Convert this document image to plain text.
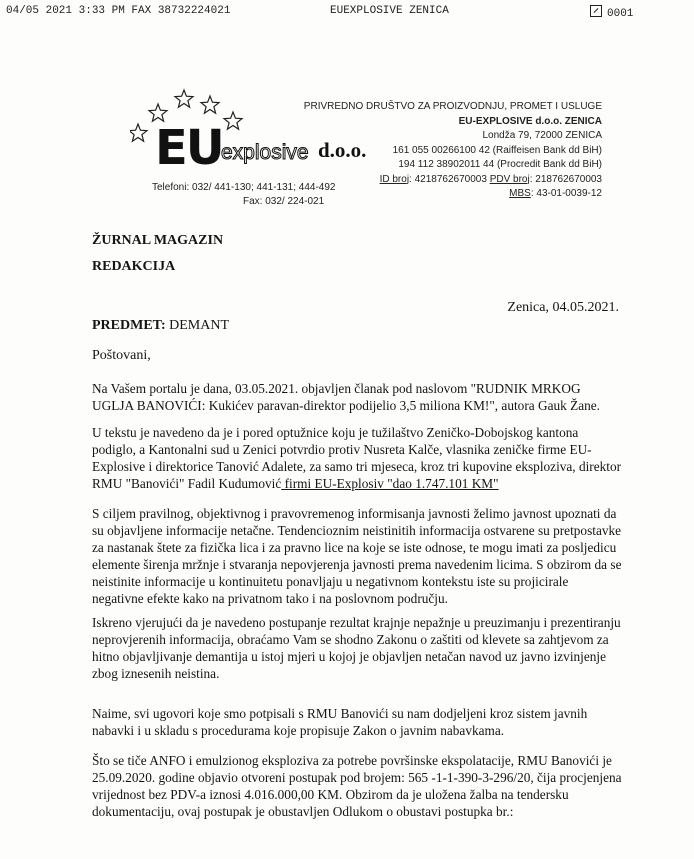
04/05 2021 3:33 PM FAX 38732224021	EUEXPLOSIVE ZENICA	0001
EU
explosive d.o.o.
Telefoni: 032/ 441-130; 441-131; 444-492
Fax: 032/ 224-021
PRIVREDNO DRUŠTVO ZA PROIZVODNJU, PROMET I USLUGE
EU-EXPLOSIVE d.o.o. ZENICA
Londža 79, 72000 ZENICA
161 055 00266100 42 (Raiffeisen Bank dd BiH)
194 112 38902011 44 (Procredit Bank dd BiH)
ID broj: 4218762670003 PDV broj: 218762670003
MBS: 43-01-0039-12
ŽURNAL MAGAZIN
REDAKCIJA
Zenica, 04.05.2021.
PREDMET: DEMANT
Poštovani,
Na Vašem portalu je dana, 03.05.2021. objavljen članak pod naslovom "RUDNIK MRKOG UGLJA BANOVIĆI: Kukićev paravan-direktor podijelio 3,5 miliona KM!", autora Gauk Žane.
U tekstu je navedeno da je i pored optužnice koju je tužilaštvo Zeničko-Dobojskog kantona podiglo, a Kantonalni sud u Zenici potvrdio protiv Nusreta Kalče, vlasnika zeničke firme EU-Explosive i direktorice Tanović Adalete, za samo tri mjeseca, kroz tri kupovine eksploziva, direktor RMU "Banovići" Fadil Kudumović firmi EU-Explosiv "dao 1.747.101 KM"
S ciljem pravilnog, objektivnog i pravovremenog informisanja javnosti želimo javnost upoznati da su objavljene informacije netačne. Tendencioznim neistinitih informacija ostvarene su pretpostavke za nastanak štete za fizička lica i za pravno lice na koje se iste odnose, te mogu imati za posljedicu elemente širenja mržnje i stvaranja nepovjerenja javnosti prema navedenim licima. S obzirom da se neistinite informacije u kontinuitetu ponavljaju u negativnom kontekstu iste su projicirale negativne efekte kako na privatnom tako i na poslovnom području.
Iskreno vjerujući da je navedeno postupanje rezultat krajnje nepažnje u preuzimanju i prezentiranju neprovjerenih informacija, obraćamo Vam se shodno Zakonu o zaštiti od klevete sa zahtjevom za hitno objavljivanje demantija u istoj mjeri u kojoj je objavljen netačan navod uz javno izvinjenje zbog iznesenih neistina.
Naime, svi ugovori koje smo potpisali s RMU Banovići su nam dodjeljeni kroz sistem javnih nabavki i u skladu s procedurama koje propisuje Zakon o javnim nabavkama.
Što se tiče ANFO i emulzionog eksploziva za potrebe površinske ekspolatacije, RMU Banovići je 25.09.2020. godine objavio otvoreni postupak pod brojem: 565 -1-1-390-3-296/20, čija procjenjena vrijednost bez PDV-a iznosi 4.016.000,00 KM. Obzirom da je uložena žalba na tendersku dokumentaciju, ovaj postupak je obustavljen Odlukom o obustavi postupka br.:
